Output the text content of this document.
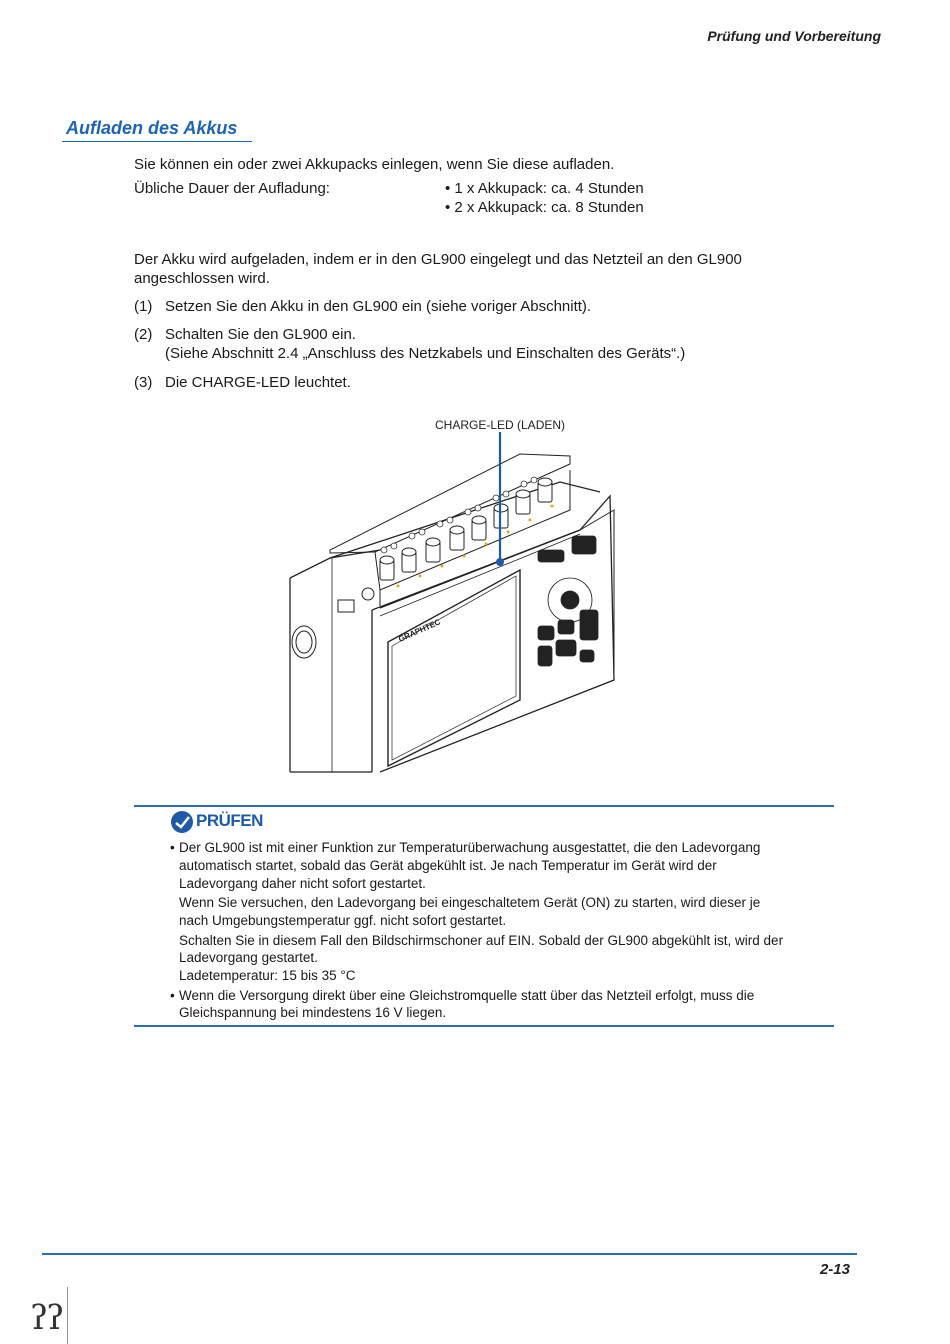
Prüfung und Vorbereitung
Aufladen des Akkus
Sie können ein oder zwei Akkupacks einlegen, wenn Sie diese aufladen.
Übliche Dauer der Aufladung:	• 1 x Akkupack: ca. 4 Stunden
• 2 x Akkupack: ca. 8 Stunden
Der Akku wird aufgeladen, indem er in den GL900 eingelegt und das Netzteil an den GL900
angeschlossen wird.
(1) Setzen Sie den Akku in den GL900 ein (siehe voriger Abschnitt).
(2) Schalten Sie den GL900 ein.
(Siehe Abschnitt 2.4 „Anschluss des Netzkabels und Einschalten des Geräts“.)
(3) Die CHARGE-LED leuchtet.
CHARGE-LED (LADEN)
GRAPHTEC
PRÜFEN
• Der GL900 ist mit einer Funktion zur Temperaturüberwachung ausgestattet, die den Ladevorgang
automatisch startet, sobald das Gerät abgekühlt ist. Je nach Temperatur im Gerät wird der
Ladevorgang daher nicht sofort gestartet.
Wenn Sie versuchen, den Ladevorgang bei eingeschaltetem Gerät (ON) zu starten, wird dieser je
nach Umgebungstemperatur ggf. nicht sofort gestartet.
Schalten Sie in diesem Fall den Bildschirmschoner auf EIN. Sobald der GL900 abgekühlt ist, wird der
Ladevorgang gestartet.
Ladetemperatur: 15 bis 35 °C
• Wenn die Versorgung direkt über eine Gleichstromquelle statt über das Netzteil erfolgt, muss die
Gleichspannung bei mindestens 16 V liegen.
2-13
ʔʔ
